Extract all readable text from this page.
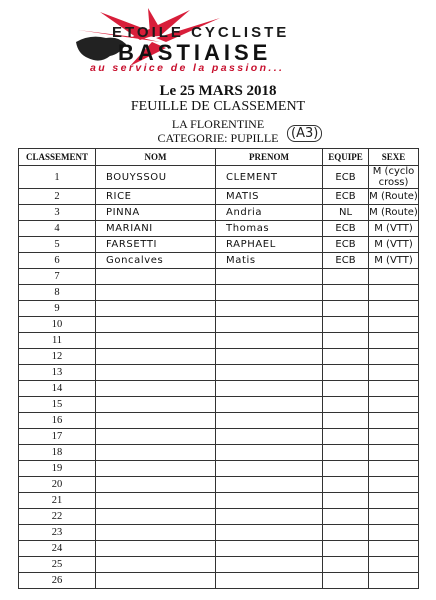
ETOILE CYCLISTE
BASTIAISE
au service de la passion...
Le 25 MARS 2018
FEUILLE DE CLASSEMENT
LA FLORENTINE
CATEGORIE: PUPILLE (A3)
CLASSEMENT	NOM	PRENOM	EQUIPE	SEXE
1	BOUYSSOU	CLEMENT	ECB	M (cyclo cross)
2	RICE	MATIS	ECB	M (Route)
3	PINNA	Andria	NL	M (Route)
4	MARIANI	Thomas	ECB	M (VTT)
5	FARSETTI	RAPHAEL	ECB	M (VTT)
6	Goncalves	Matis	ECB	M (VTT)
7				
8				
9				
10				
11				
12				
13				
14				
15				
16				
17				
18				
19				
20				
21				
22				
23				
24				
25				
26				
